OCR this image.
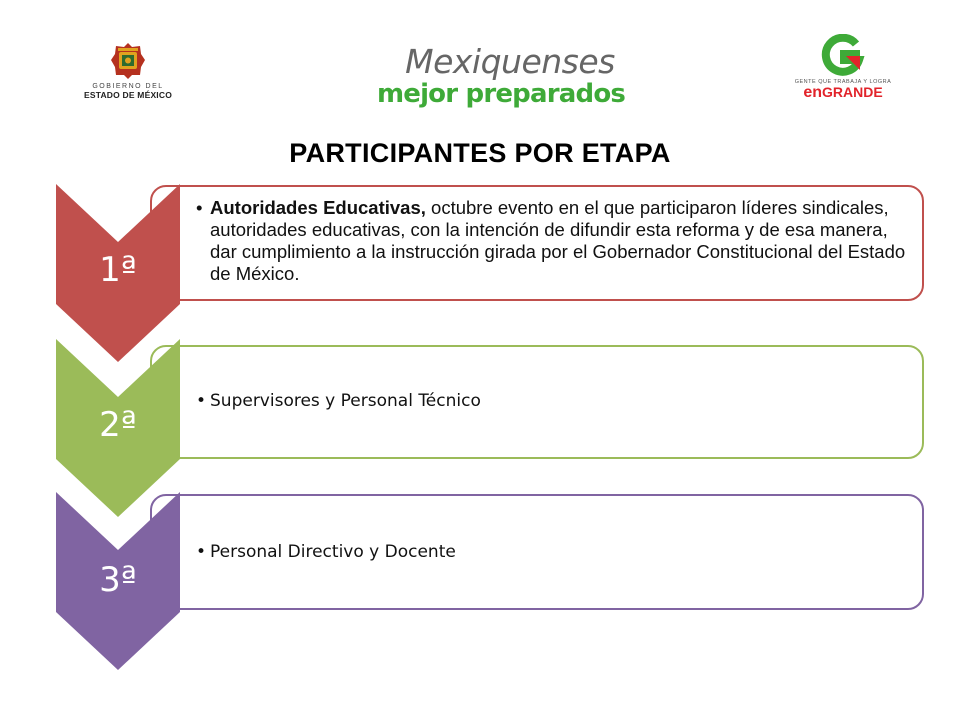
GOBIERNO DEL
ESTADO DE MÉXICO
Mexiquenses
mejor preparados	GENTE QUE TRABAJA Y LOGRA
enGRANDE
PARTICIPANTES POR ETAPA
1ª
• Autoridades Educativas, octubre evento en el que participaron líderes sindicales, autoridades educativas, con la intención de difundir esta reforma y de esa manera, dar cumplimiento a la instrucción girada por el Gobernador Constitucional del Estado de México.
2ª
• Supervisores y Personal Técnico
3ª
• Personal Directivo y Docente
